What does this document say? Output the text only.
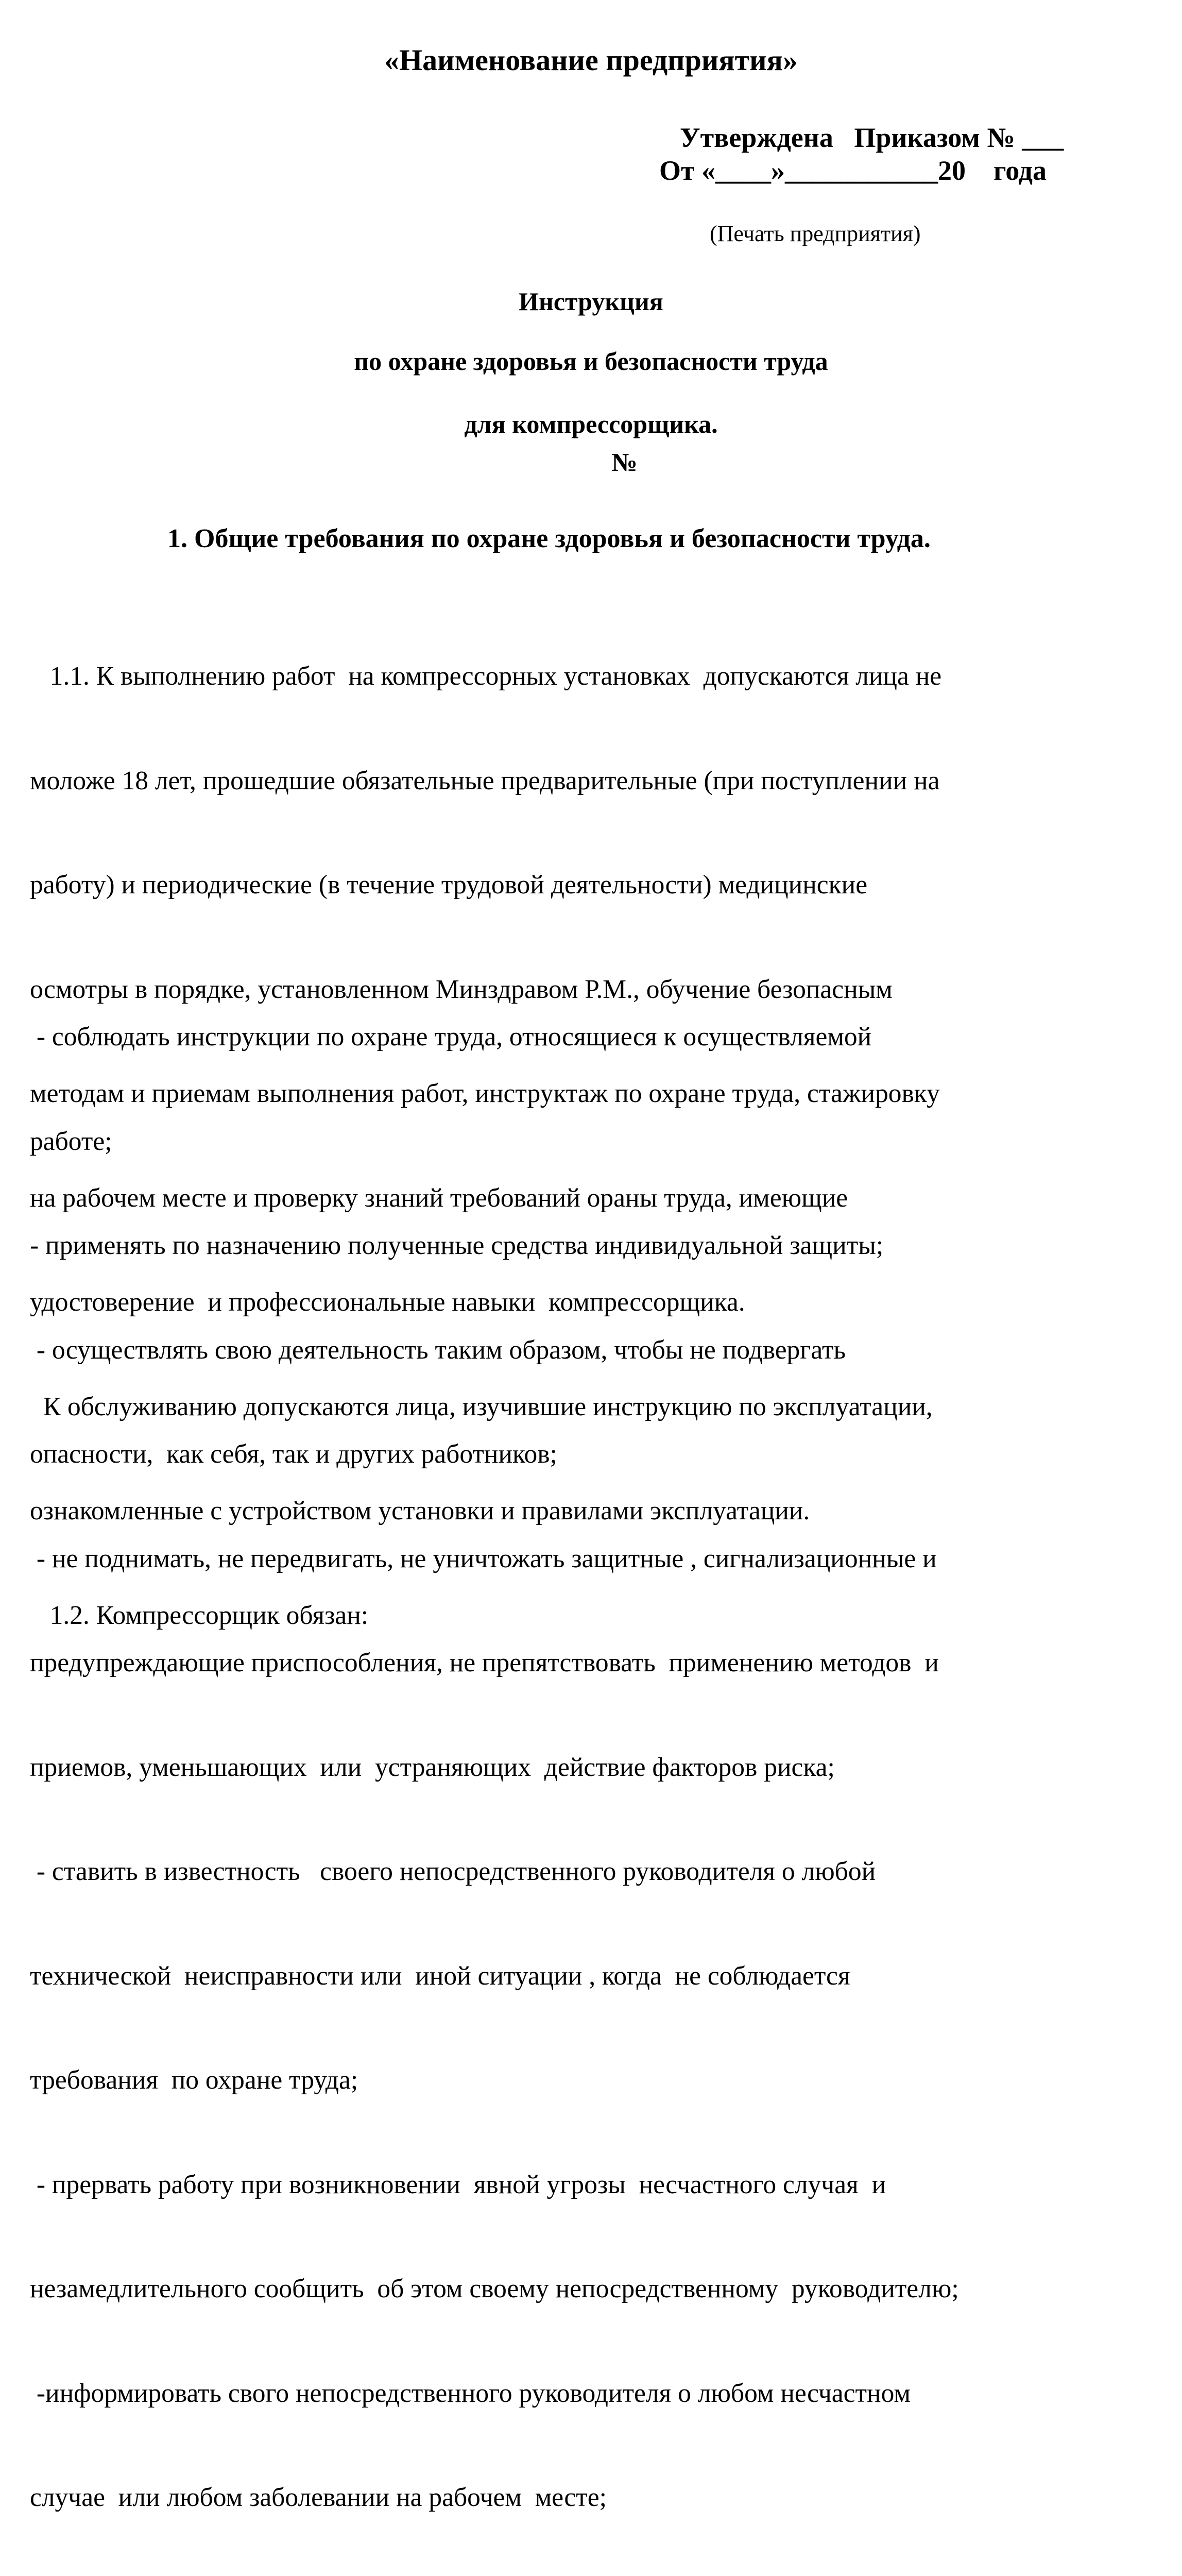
«Наименование предприятия»
Утверждена   Приказом № ___
От «____»___________20    года
(Печать предприятия)
Инструкция
по охране здоровья и безопасности труда
для компрессорщика.
№
1. Общие требования по охране здоровья и безопасности труда.

1.1. К выполнению работ  на компрессорных установках  допускаются лица не

моложе 18 лет, прошедшие обязательные предварительные (при поступлении на

работу) и периодические (в течение трудовой деятельности) медицинские

осмотры в порядке, установленном Минздравом Р.М., обучение безопасным

методам и приемам выполнения работ, инструктаж по охране труда, стажировку

на рабочем месте и проверку знаний требований ораны труда, имеющие

удостоверение  и профессиональные навыки  компрессорщика.

К обслуживанию допускаются лица, изучившие инструкцию по эксплуатации,

ознакомленные с устройством установки и правилами эксплуатации.

1.2. Компрессорщик обязан:

- соблюдать инструкции по охране труда, относящиеся к осуществляемой

работе;

- применять по назначению полученные средства индивидуальной защиты;

- осуществлять свою деятельность таким образом, чтобы не подвергать

опасности,  как себя, так и других работников;

- не поднимать, не передвигать, не уничтожать защитные , сигнализационные и

предупреждающие приспособления, не препятствовать  применению методов  и

приемов, уменьшающих  или  устраняющих  действие факторов риска;

- ставить в известность   своего непосредственного руководителя о любой

технической  неисправности или  иной ситуации , когда  не соблюдается

требования  по охране труда;

- прервать работу при возникновении  явной угрозы  несчастного случая  и

незамедлительного сообщить  об этом своему непосредственному  руководителю;

-информировать свого непосредственного руководителя о любом несчастном

случае  или любом заболевании на рабочем  месте;
